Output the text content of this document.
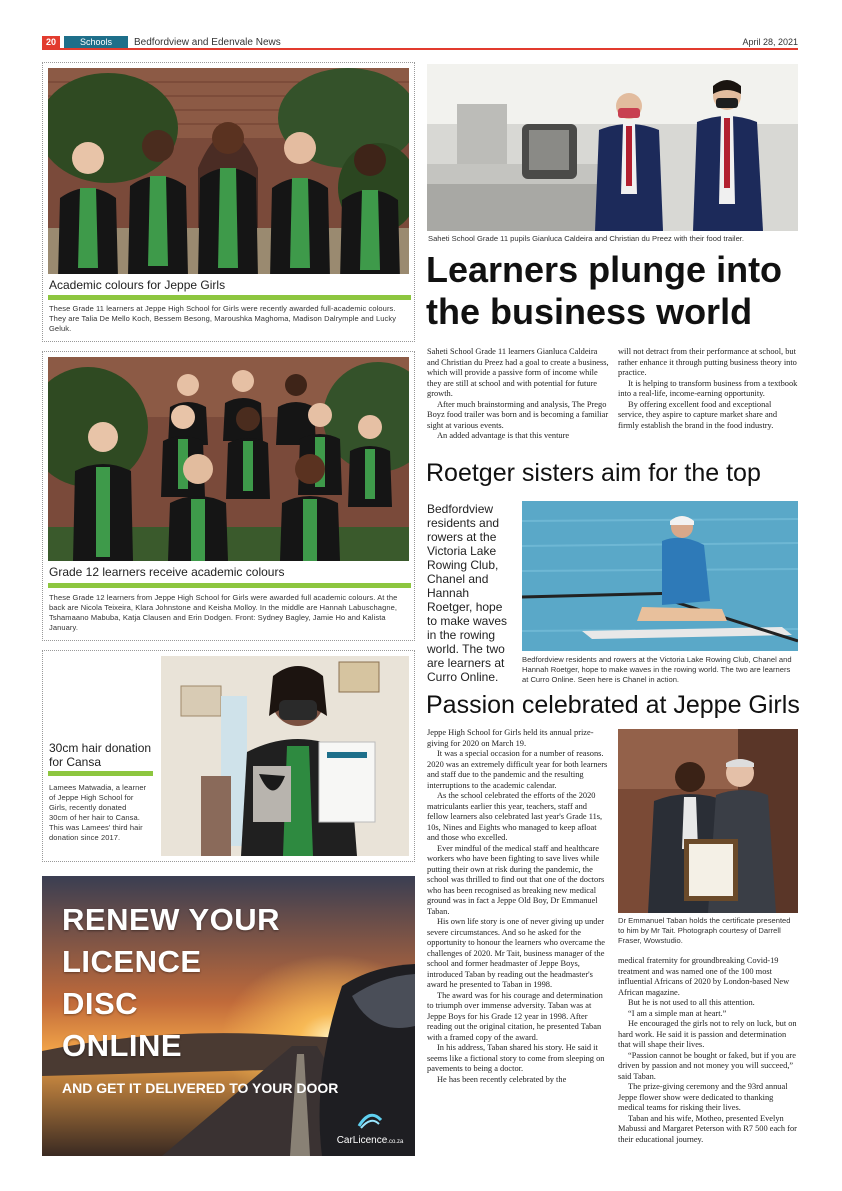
20	Schools	Bedfordview and Edenvale News	April 28, 2021
Academic colours for Jeppe Girls
These Grade 11 learners at Jeppe High School for Girls were recently awarded full-academic colours. They are Talia De Mello Koch, Bessem Besong, Maroushka Maghoma, Madison Dalrymple and Lucky Geluk.
Grade 12 learners receive academic colours
These Grade 12 learners from Jeppe High School for Girls were awarded full academic colours. At the back are Nicola Teixeira, Klara Johnstone and Keisha Molloy. In the middle are Hannah Labuschagne, Tshamaano Mabuba, Katja Clausen and Erin Dodgen. Front: Sydney Bagley, Jamie Ho and Kalista January.
30cm hair donation for Cansa
Lamees Matwadia, a learner of Jeppe High School for Girls, recently donated 30cm of her hair to Cansa. This was Lamees' third hair donation since 2017.
RENEW YOUR
LICENCE
DISC
ONLINE
AND GET IT DELIVERED TO YOUR DOOR
CarLicence.co.za
Saheti School Grade 11 pupils Gianluca Caldeira and Christian du Preez with their food trailer.
Learners plunge into
the business world

Saheti School Grade 11 learners Gianluca Caldeira and Christian du Preez had a goal to create a business, which will provide a passive form of income while they are still at school and with potential for future growth.

After much brainstorming and analysis, The Prego Boyz food trailer was born and is becoming a familiar sight at various events.

An added advantage is that this venture

will not detract from their performance at school, but rather enhance it through putting business theory into practice.

It is helping to transform business from a textbook into a real-life, income-earning opportunity.

By offering excellent food and exceptional service, they aspire to capture market share and firmly establish the brand in the food industry.

Roetger sisters aim for the top
Bedfordview residents and rowers at the Victoria Lake Rowing Club, Chanel and Hannah Roetger, hope to make waves in the rowing world. The two are learners at Curro Online.
Bedfordview residents and rowers at the Victoria Lake Rowing Club, Chanel and Hannah Roetger, hope to make waves in the rowing world. The two are learners at Curro Online. Seen here is Chanel in action.
Passion celebrated at Jeppe Girls

Jeppe High School for Girls held its annual prize-giving for 2020 on March 19.

It was a special occasion for a number of reasons. 2020 was an extremely difficult year for both learners and staff due to the pandemic and the resulting interruptions to the academic calendar.

As the school celebrated the efforts of the 2020 matriculants earlier this year, teachers, staff and fellow learners also celebrated last year's Grade 11s, 10s, Nines and Eights who managed to keep afloat and those who excelled.

Ever mindful of the medical staff and healthcare workers who have been fighting to save lives while putting their own at risk during the pandemic, the school was thrilled to find out that one of the doctors who has been recognised as breaking new medical ground was in fact a Jeppe Old Boy, Dr Emmanuel Taban.

His own life story is one of never giving up under severe circumstances. And so he asked for the opportunity to honour the learners who overcame the challenges of 2020. Mr Tait, business manager of the school and former headmaster of Jeppe Boys, introduced Taban by reading out the headmaster's award he presented to Taban in 1998.

The award was for his courage and determination to triumph over immense adversity. Taban was at Jeppe Boys for his Grade 12 year in 1998. After reading out the original citation, he presented Taban with a framed copy of the award.

In his address, Taban shared his story. He said it seems like a fictional story to come from sleeping on pavements to being a doctor.

He has been recently celebrated by the

Dr Emmanuel Taban holds the certificate presented to him by Mr Tait. Photograph courtesy of Darrell Fraser, Wowstudio.

medical fraternity for groundbreaking Covid-19 treatment and was named one of the 100 most influential Africans of 2020 by London-based New African magazine.

But he is not used to all this attention.

“I am a simple man at heart.”

He encouraged the girls not to rely on luck, but on hard work. He said it is passion and determination that will shape their lives.

“Passion cannot be bought or faked, but if you are driven by passion and not money you will succeed,” said Taban.

The prize-giving ceremony and the 93rd annual Jeppe flower show were dedicated to thanking medical teams for risking their lives.

Taban and his wife, Motheo, presented Evelyn Mabussi and Margaret Peterson with R7 500 each for their educational journey.
